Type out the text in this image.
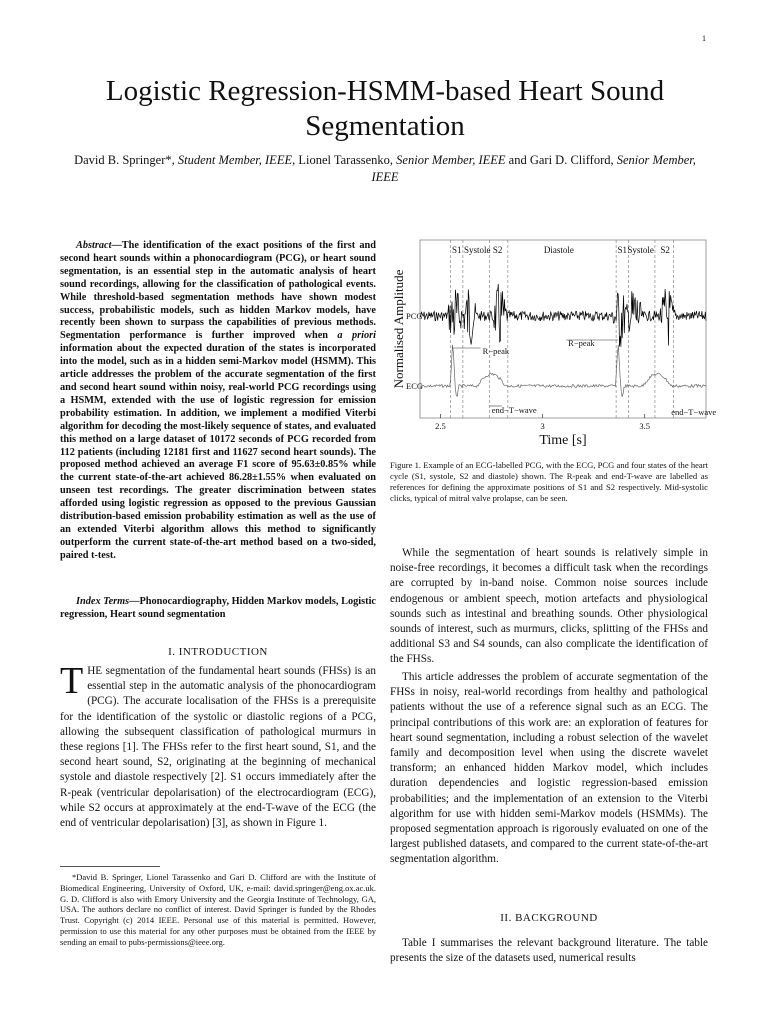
1
Logistic Regression-HSMM-based Heart Sound Segmentation
David B. Springer*, Student Member, IEEE, Lionel Tarassenko, Senior Member, IEEE and Gari D. Clifford, Senior Member, IEEE

Abstract—The identification of the exact positions of the first and second heart sounds within a phonocardiogram (PCG), or heart sound segmentation, is an essential step in the automatic analysis of heart sound recordings, allowing for the classification of pathological events. While threshold-based segmentation methods have shown modest success, probabilistic models, such as hidden Markov models, have recently been shown to surpass the capabilities of previous methods. Segmentation performance is further improved when a priori information about the expected duration of the states is incorporated into the model, such as in a hidden semi-Markov model (HSMM). This article addresses the problem of the accurate segmentation of the first and second heart sound within noisy, real-world PCG recordings using a HSMM, extended with the use of logistic regression for emission probability estimation. In addition, we implement a modified Viterbi algorithm for decoding the most-likely sequence of states, and evaluated this method on a large dataset of 10172 seconds of PCG recorded from 112 patients (including 12181 first and 11627 second heart sounds). The proposed method achieved an average F1 score of 95.63±0.85% while the current state-of-the-art achieved 86.28±1.55% when evaluated on unseen test recordings. The greater discrimination between states afforded using logistic regression as opposed to the previous Gaussian distribution-based emission probability estimation as well as the use of an extended Viterbi algorithm allows this method to significantly outperform the current state-of-the-art method based on a two-sided, paired t-test.

Index Terms—Phonocardiography, Hidden Markov models, Logistic regression, Heart sound segmentation

I. INTRODUCTION

THE segmentation of the fundamental heart sounds (FHSs) is an essential step in the automatic analysis of the phonocardiogram (PCG). The accurate localisation of the FHSs is a prerequisite for the identification of the systolic or diastolic regions of a PCG, allowing the subsequent classification of pathological murmurs in these regions [1]. The FHSs refer to the first heart sound, S1, and the second heart sound, S2, originating at the beginning of mechanical systole and diastole respectively [2]. S1 occurs immediately after the R-peak (ventricular depolarisation) of the electrocardiogram (ECG), while S2 occurs at approximately at the end-T-wave of the ECG (the end of ventricular depolarisation) [3], as shown in Figure 1.

*David B. Springer, Lionel Tarassenko and Gari D. Clifford are with the Institute of Biomedical Engineering, University of Oxford, UK, e-mail: david.springer@eng.ox.ac.uk. G. D. Clifford is also with Emory University and the Georgia Institute of Technology, GA, USA. The authors declare no conflict of interest. David Springer is funded by the Rhodes Trust. Copyright (c) 2014 IEEE. Personal use of this material is permitted. However, permission to use this material for any other purposes must be obtained from the IEEE by sending an email to pubs-permissions@ieee.org.

S1 Systole S2	Diastole	S1 Systole S2
PCG
ECG
R−peak
R−peak
end−T−wave	end−T−wave
2.5	3	3.5
Time [s]
Normalised Amplitude

Figure 1. Example of an ECG-labelled PCG, with the ECG, PCG and four states of the heart cycle (S1, systole, S2 and diastole) shown. The R-peak and end-T-wave are labelled as references for defining the approximate positions of S1 and S2 respectively. Mid-systolic clicks, typical of mitral valve prolapse, can be seen.

While the segmentation of heart sounds is relatively simple in noise-free recordings, it becomes a difficult task when the recordings are corrupted by in-band noise. Common noise sources include endogenous or ambient speech, motion artefacts and physiological sounds such as intestinal and breathing sounds. Other physiological sounds of interest, such as murmurs, clicks, splitting of the FHSs and additional S3 and S4 sounds, can also complicate the identification of the FHSs.

This article addresses the problem of accurate segmentation of the FHSs in noisy, real-world recordings from healthy and pathological patients without the use of a reference signal such as an ECG. The principal contributions of this work are: an exploration of features for heart sound segmentation, including a robust selection of the wavelet family and decomposition level when using the discrete wavelet transform; an enhanced hidden Markov model, which includes duration dependencies and logistic regression-based emission probabilities; and the implementation of an extension to the Viterbi algorithm for use with hidden semi-Markov models (HSMMs). The proposed segmentation approach is rigorously evaluated on one of the largest published datasets, and compared to the current state-of-the-art segmentation algorithm.

II. BACKGROUND

Table I summarises the relevant background literature. The table presents the size of the datasets used, numerical results
